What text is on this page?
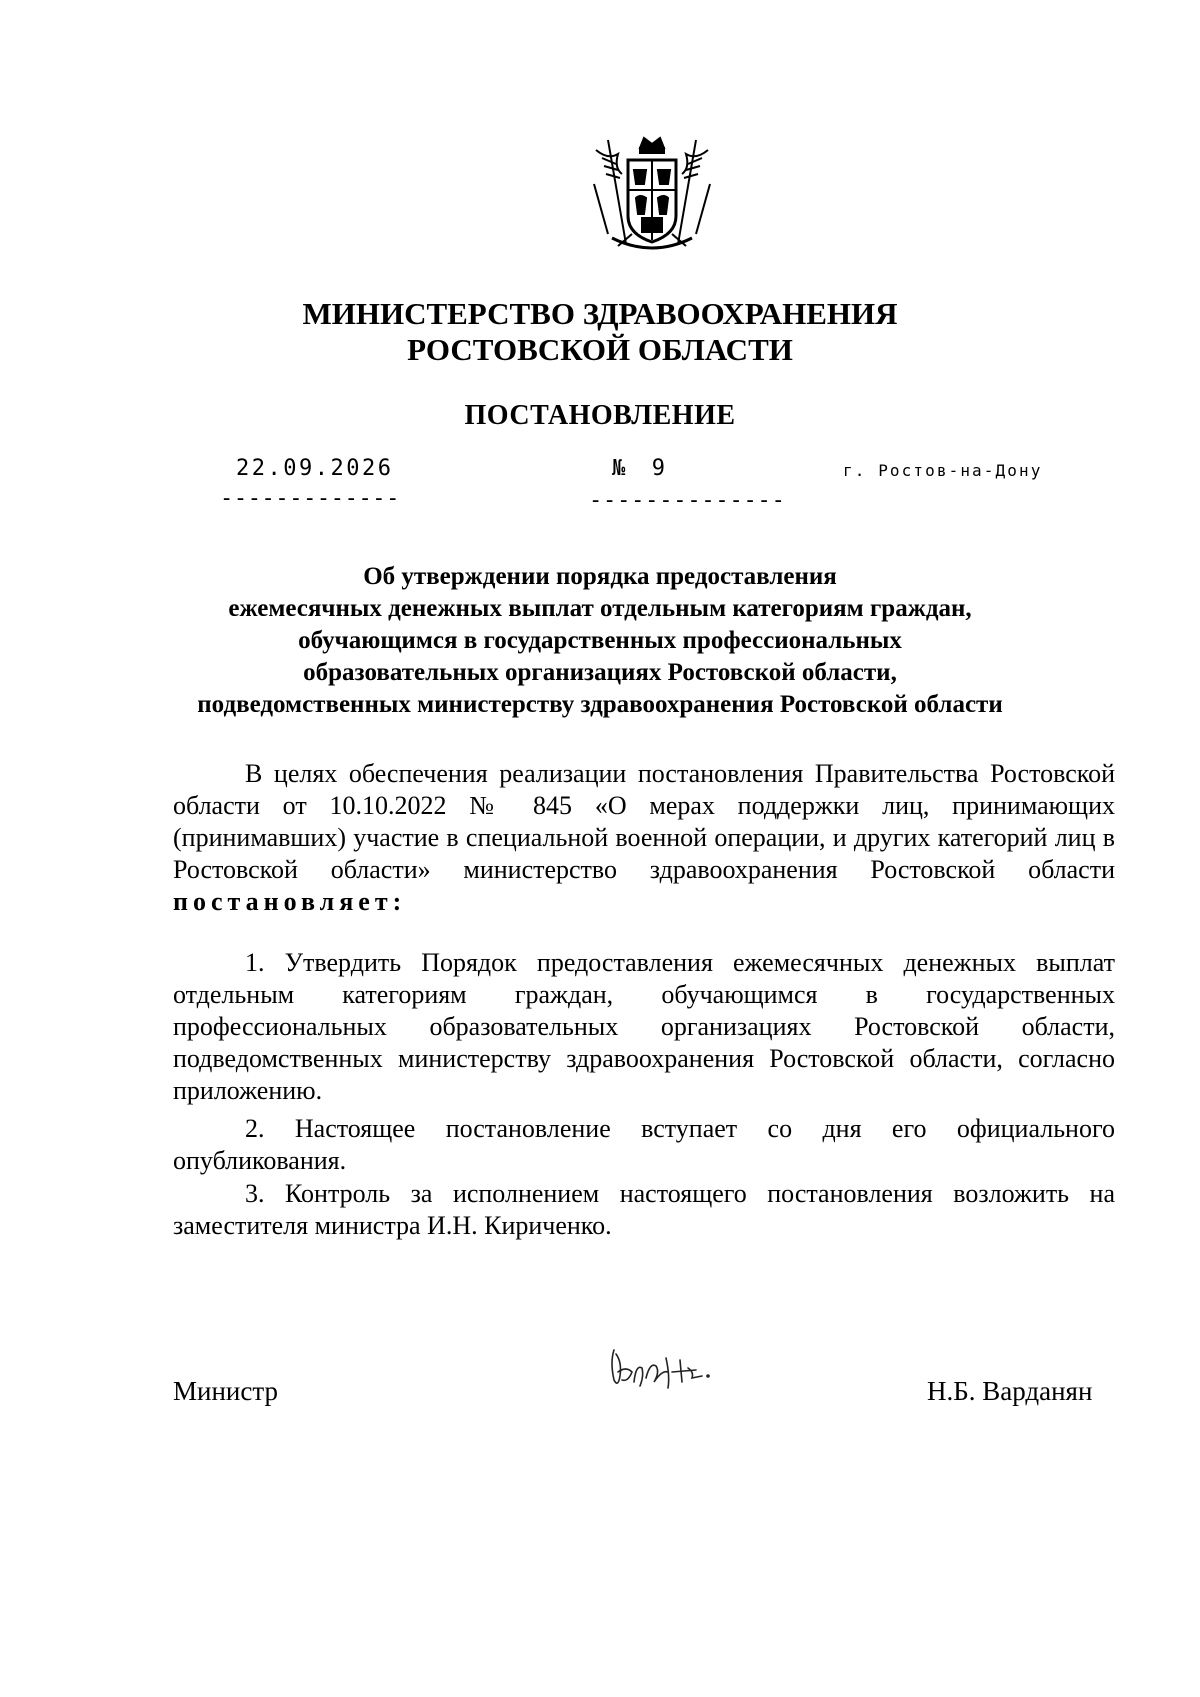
МИНИСТЕРСТВО ЗДРАВООХРАНЕНИЯ
РОСТОВСКОЙ ОБЛАСТИ
ПОСТАНОВЛЕНИЕ
22.09.2026
-------------
№  9
--------------
г. Ростов-на-Дону
Об утверждении порядка предоставления
ежемесячных денежных выплат отдельным категориям граждан,
обучающимся в государственных профессиональных
образовательных организациях Ростовской области,
подведомственных министерству здравоохранения Ростовской области

В целях обеспечения реализации постановления Правительства Ростовской области от 10.10.2022 № 845 «О мерах поддержки лиц, принимающих (принимавших) участие в специальной военной операции, и других категорий лиц в Ростовской области» министерство здравоохранения Ростовской области постановляет:

1. Утвердить Порядок предоставления ежемесячных денежных выплат отдельным категориям граждан, обучающимся в государственных профессиональных образовательных организациях Ростовской области, подведомственных министерству здравоохранения Ростовской области, согласно приложению.

2. Настоящее постановление вступает со дня его официального опубликования.

3. Контроль за исполнением настоящего постановления возложить на заместителя министра И.Н. Кириченко.

Министр	Н.Б. Варданян
